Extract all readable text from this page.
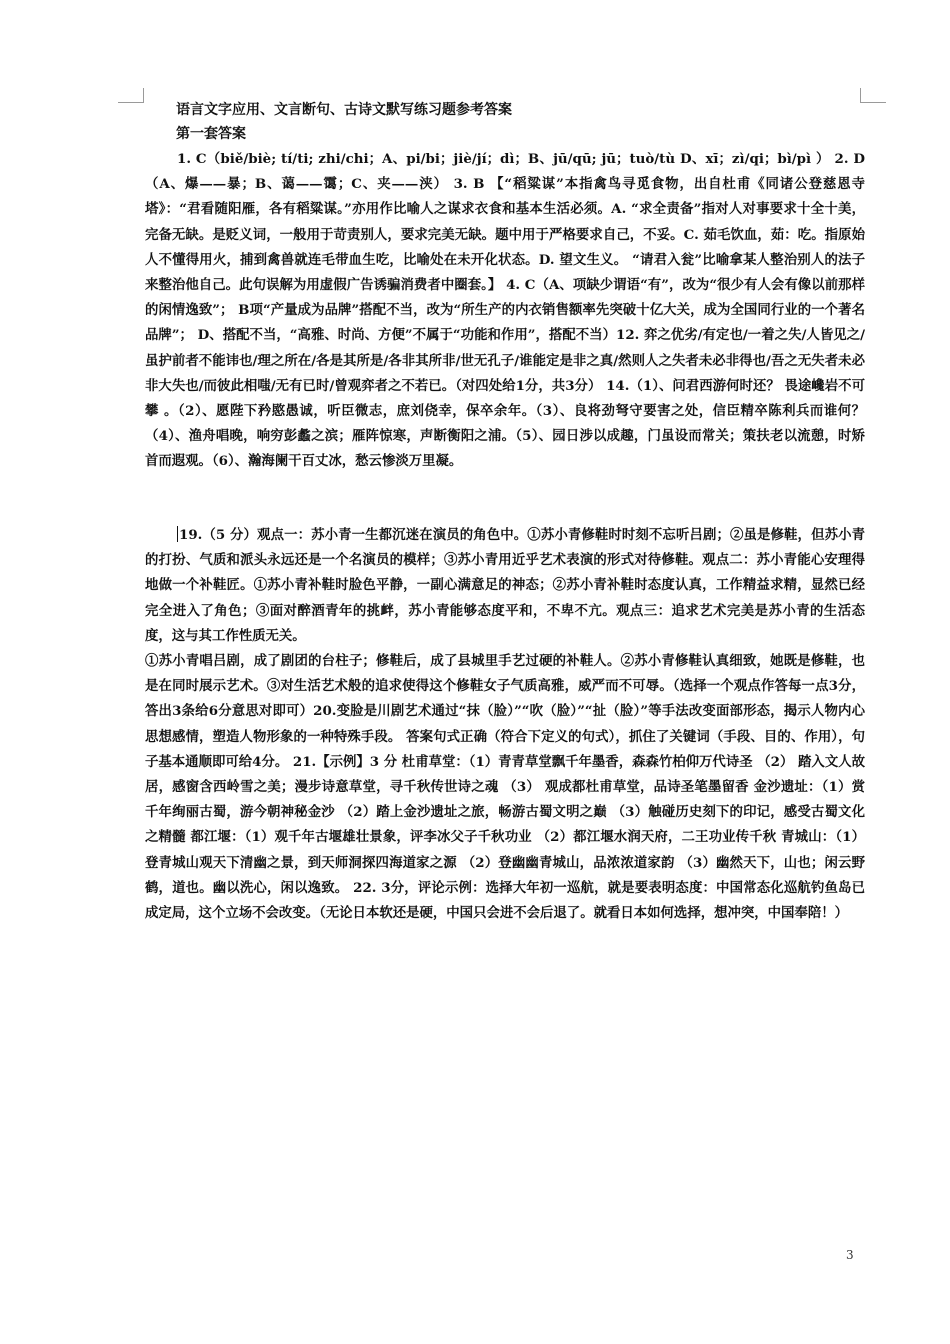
语言文字应用、文言断句、古诗文默写练习题参考答案
第一套答案

1. C（biě/biè; tí/ti; zhi/chi；A、pi/bi；jiè/jí；dì；B、jū/qū; jū；tuò/tù D、xī；zì/qi；bì/pì ） 2. D（A、爆——暴；B、蔼——霭；C、夹——浃） 3. B 【“稻粱谋”本指禽鸟寻觅食物，出自杜甫《同诸公登慈恩寺塔》：“君看随阳雁，各有稻粱谋。”亦用作比喻人之谋求衣食和基本生活必须。A. “求全责备”指对人对事要求十全十美，完备无缺。是贬义词，一般用于苛责别人，要求完美无缺。题中用于严格要求自己，不妥。C. 茹毛饮血，茹：吃。指原始人不懂得用火，捕到禽兽就连毛带血生吃，比喻处在未开化状态。D. 望文生义。 “请君入瓮”比喻拿某人整治别人的法子来整治他自己。此句误解为用虚假广告诱骗消费者中圈套。】 4. C（A、项缺少谓语“有”，改为“很少有人会有像以前那样的闲情逸致”； B项“产量成为品牌”搭配不当，改为“所生产的内衣销售额率先突破十亿大关，成为全国同行业的一个著名品牌”； D、搭配不当，“高雅、时尚、方便”不属于“功能和作用”，搭配不当）12. 弈之优劣/有定也/一着之失/人皆见之/虽护前者不能讳也/理之所在/各是其所是/各非其所非/世无孔子/谁能定是非之真/然则人之失者未必非得也/吾之无失者未必非大失也/而彼此相嗤/无有已时/曾观弈者之不若已。（对四处给1分，共3分） 14.（1）、问君西游何时还？ 畏途巉岩不可攀 。（2）、愿陛下矜愍愚诚，听臣微志，庶刘侥幸，保卒余年。（3）、良将劲弩守要害之处，信臣精卒陈利兵而谁何？（4）、渔舟唱晚，响穷彭蠡之滨；雁阵惊寒，声断衡阳之浦。（5）、园日涉以成趣，门虽设而常关；策扶老以流憩，时矫首而遐观。（6）、瀚海阑干百丈冰，愁云惨淡万里凝。

19.（5 分）观点一：苏小青一生都沉迷在演员的角色中。①苏小青修鞋时时刻不忘听吕剧；②虽是修鞋，但苏小青的打扮、气质和派头永远还是一个名演员的模样；③苏小青用近乎艺术表演的形式对待修鞋。观点二：苏小青能心安理得地做一个补鞋匠。①苏小青补鞋时脸色平静，一副心满意足的神态；②苏小青补鞋时态度认真，工作精益求精，显然已经完全进入了角色；③面对醉酒青年的挑衅，苏小青能够态度平和，不卑不亢。观点三：追求艺术完美是苏小青的生活态度，这与其工作性质无关。

①苏小青唱吕剧，成了剧团的台柱子；修鞋后，成了县城里手艺过硬的补鞋人。②苏小青修鞋认真细致，她既是修鞋，也是在同时展示艺术。③对生活艺术般的追求使得这个修鞋女子气质高雅，威严而不可辱。（选择一个观点作答每一点3分，答出3条给6分意思对即可）20.变脸是川剧艺术通过“抹（脸）”“吹（脸）”“扯（脸）”等手法改变面部形态，揭示人物内心思想感情，塑造人物形象的一种特殊手段。 答案句式正确（符合下定义的句式），抓住了关键词（手段、目的、作用），句子基本通顺即可给4分。 21.【示例】3 分 杜甫草堂：（1）青青草堂飘千年墨香，森森竹柏仰万代诗圣 （2） 踏入文人故居，感窗含西岭雪之美；漫步诗意草堂，寻千秋传世诗之魂 （3） 观成都杜甫草堂，品诗圣笔墨留香 金沙遗址：（1）赏千年绚丽古蜀，游今朝神秘金沙 （2）踏上金沙遗址之旅，畅游古蜀文明之巅 （3）触碰历史刻下的印记，感受古蜀文化之精髓 都江堰：（1）观千年古堰雄壮景象，评李冰父子千秋功业 （2）都江堰水润天府，二王功业传千秋 青城山：（1）登青城山观天下清幽之景，到天师洞探四海道家之源 （2）登幽幽青城山，品浓浓道家韵 （3）幽然天下，山也；闲云野鹤，道也。幽以洗心，闲以逸致。 22. 3分，评论示例：选择大年初一巡航，就是要表明态度：中国常态化巡航钓鱼岛已成定局，这个立场不会改变。（无论日本软还是硬，中国只会进不会后退了。就看日本如何选择，想冲突，中国奉陪！）

3
